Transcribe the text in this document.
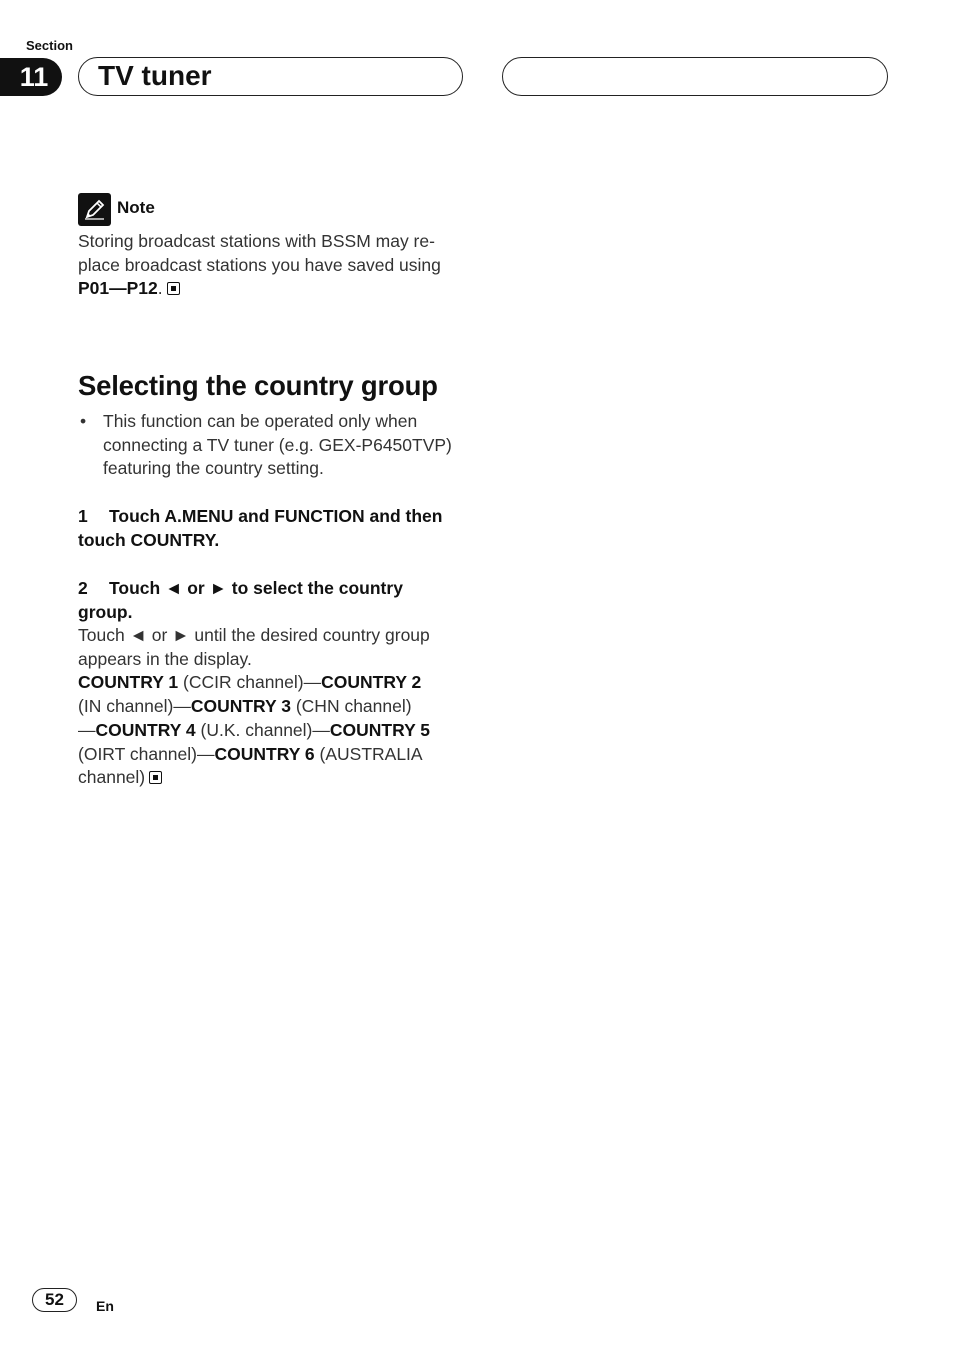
Section
11	TV tuner
Note
Storing broadcast stations with BSSM may re-
place broadcast stations you have saved using
P01—P12.
Selecting the country group
• This function can be operated only when
connecting a TV tuner (e.g. GEX-P6450TVP)
featuring the country setting.
1 Touch A.MENU and FUNCTION and then
touch COUNTRY.
2 Touch ◄ or ► to select the country
group.
Touch ◄ or ► until the desired country group
appears in the display.
COUNTRY 1 (CCIR channel)—COUNTRY 2
(IN channel)—COUNTRY 3 (CHN channel)
—COUNTRY 4 (U.K. channel)—COUNTRY 5
(OIRT channel)—COUNTRY 6 (AUSTRALIA
channel)
52	En
